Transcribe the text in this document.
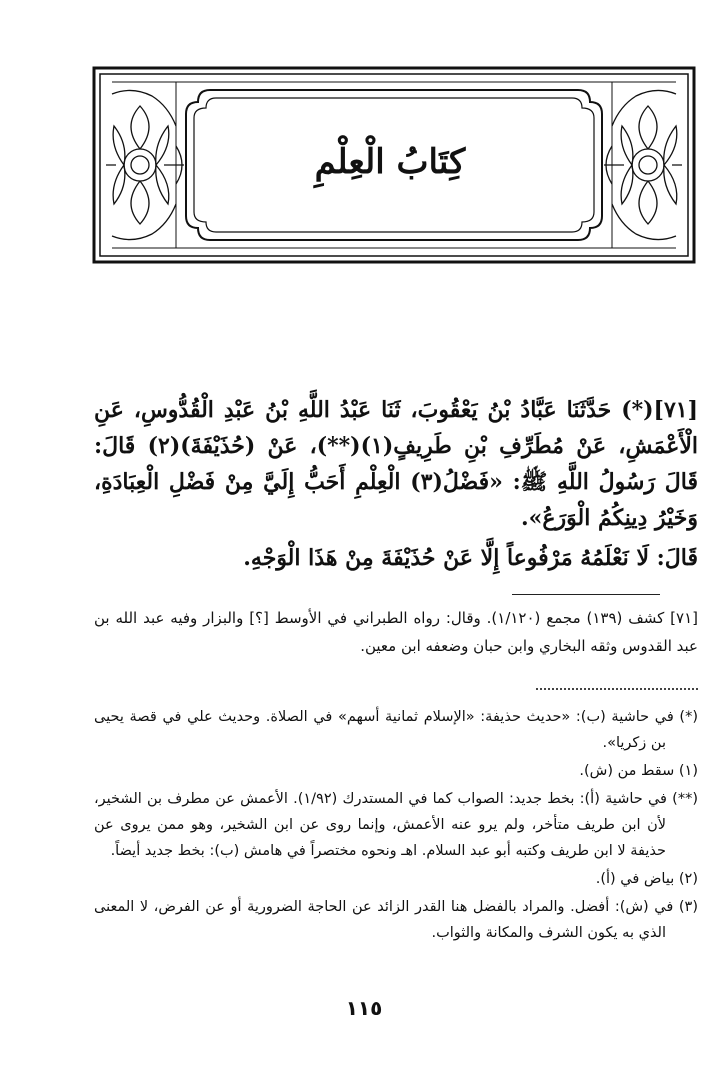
كِتَابُ الْعِلْمِ

[٧١](*) حَدَّثَنَا عَبَّادُ بْنُ يَعْقُوبَ، ثَنَا عَبْدُ اللَّهِ بْنُ عَبْدِ الْقُدُّوسِ، عَنِ الْأَعْمَشِ، عَنْ مُطَرِّفِ بْنِ طَرِيفٍ(١)(**)، عَنْ (حُذَيْفَةَ)(٢) قَالَ: قَالَ رَسُولُ اللَّهِ ﷺ: «فَضْلُ(٣) الْعِلْمِ أَحَبُّ إِلَيَّ مِنْ فَضْلِ الْعِبَادَةِ، وَخَيْرُ دِينِكُمُ الْوَرَعُ».

قَالَ: لَا نَعْلَمُهُ مَرْفُوعاً إِلَّا عَنْ حُذَيْفَةَ مِنْ هَذَا الْوَجْهِ.

[٧١] كشف (١٣٩) مجمع (١/١٢٠). وقال: رواه الطبراني في الأوسط [؟] والبزار وفيه عبد الله بن عبد القدوس وثقه البخاري وابن حبان وضعفه ابن معين.

(*) في حاشية (ب): «حديث حذيفة: «الإسلام ثمانية أسهم» في الصلاة. وحديث علي في قصة يحيى بن زكريا».

(١) سقط من (ش).

(**) في حاشية (أ): بخط جديد: الصواب كما في المستدرك (١/٩٢). الأعمش عن مطرف بن الشخير، لأن ابن طريف متأخر، ولم يرو عنه الأعمش، وإنما روى عن ابن الشخير، وهو ممن يروى عن حذيفة لا ابن طريف وكتبه أبو عبد السلام. اهـ ونحوه مختصراً في هامش (ب): بخط جديد أيضاً.

(٢) بياض في (أ).

(٣) في (ش): أفضل. والمراد بالفضل هنا القدر الزائد عن الحاجة الضرورية أو عن الفرض، لا المعنى الذي به يكون الشرف والمكانة والثواب.

١١٥
